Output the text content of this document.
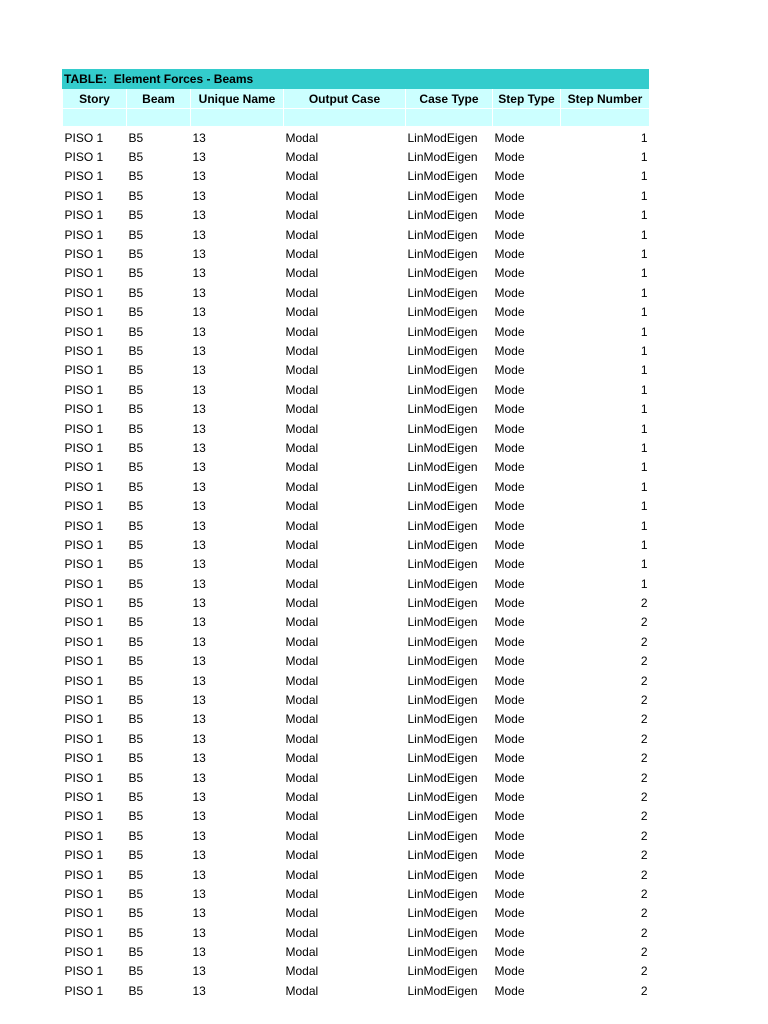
TABLE:  Element Forces - Beams
Story	Beam	Unique Name	Output Case	Case Type	Step Type	Step Number

PISO 1	B5	13	Modal	LinModEigen	Mode	1
PISO 1	B5	13	Modal	LinModEigen	Mode	1
PISO 1	B5	13	Modal	LinModEigen	Mode	1
PISO 1	B5	13	Modal	LinModEigen	Mode	1
PISO 1	B5	13	Modal	LinModEigen	Mode	1
PISO 1	B5	13	Modal	LinModEigen	Mode	1
PISO 1	B5	13	Modal	LinModEigen	Mode	1
PISO 1	B5	13	Modal	LinModEigen	Mode	1
PISO 1	B5	13	Modal	LinModEigen	Mode	1
PISO 1	B5	13	Modal	LinModEigen	Mode	1
PISO 1	B5	13	Modal	LinModEigen	Mode	1
PISO 1	B5	13	Modal	LinModEigen	Mode	1
PISO 1	B5	13	Modal	LinModEigen	Mode	1
PISO 1	B5	13	Modal	LinModEigen	Mode	1
PISO 1	B5	13	Modal	LinModEigen	Mode	1
PISO 1	B5	13	Modal	LinModEigen	Mode	1
PISO 1	B5	13	Modal	LinModEigen	Mode	1
PISO 1	B5	13	Modal	LinModEigen	Mode	1
PISO 1	B5	13	Modal	LinModEigen	Mode	1
PISO 1	B5	13	Modal	LinModEigen	Mode	1
PISO 1	B5	13	Modal	LinModEigen	Mode	1
PISO 1	B5	13	Modal	LinModEigen	Mode	1
PISO 1	B5	13	Modal	LinModEigen	Mode	1
PISO 1	B5	13	Modal	LinModEigen	Mode	1
PISO 1	B5	13	Modal	LinModEigen	Mode	2
PISO 1	B5	13	Modal	LinModEigen	Mode	2
PISO 1	B5	13	Modal	LinModEigen	Mode	2
PISO 1	B5	13	Modal	LinModEigen	Mode	2
PISO 1	B5	13	Modal	LinModEigen	Mode	2
PISO 1	B5	13	Modal	LinModEigen	Mode	2
PISO 1	B5	13	Modal	LinModEigen	Mode	2
PISO 1	B5	13	Modal	LinModEigen	Mode	2
PISO 1	B5	13	Modal	LinModEigen	Mode	2
PISO 1	B5	13	Modal	LinModEigen	Mode	2
PISO 1	B5	13	Modal	LinModEigen	Mode	2
PISO 1	B5	13	Modal	LinModEigen	Mode	2
PISO 1	B5	13	Modal	LinModEigen	Mode	2
PISO 1	B5	13	Modal	LinModEigen	Mode	2
PISO 1	B5	13	Modal	LinModEigen	Mode	2
PISO 1	B5	13	Modal	LinModEigen	Mode	2
PISO 1	B5	13	Modal	LinModEigen	Mode	2
PISO 1	B5	13	Modal	LinModEigen	Mode	2
PISO 1	B5	13	Modal	LinModEigen	Mode	2
PISO 1	B5	13	Modal	LinModEigen	Mode	2
PISO 1	B5	13	Modal	LinModEigen	Mode	2
